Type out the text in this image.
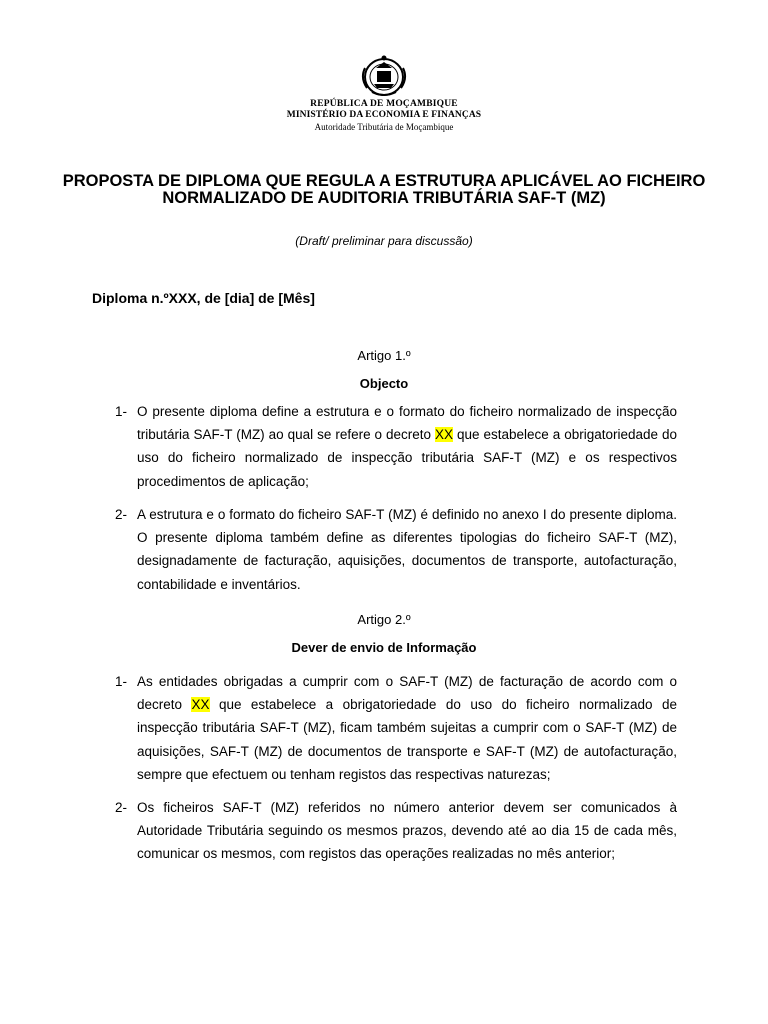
REPÚBLICA DE MOÇAMBIQUE
MINISTÉRIO DA ECONOMIA E FINANÇAS
Autoridade Tributária de Moçambique
PROPOSTA DE DIPLOMA QUE REGULA A ESTRUTURA APLICÁVEL AO FICHEIRO NORMALIZADO DE AUDITORIA TRIBUTÁRIA SAF-T (MZ)
(Draft/ preliminar para discussão)
Diploma n.ºXXX, de [dia] de [Mês]
Artigo 1.º
Objecto
1- O presente diploma define a estrutura e o formato do ficheiro normalizado de inspecção tributária SAF-T (MZ) ao qual se refere o decreto XX que estabelece a obrigatoriedade do uso do ficheiro normalizado de inspecção tributária SAF-T (MZ) e os respectivos procedimentos de aplicação;
2- A estrutura e o formato do ficheiro SAF-T (MZ) é definido no anexo I do presente diploma. O presente diploma também define as diferentes tipologias do ficheiro SAF-T (MZ), designadamente de facturação, aquisições, documentos de transporte, autofacturação, contabilidade e inventários.
Artigo 2.º
Dever de envio de Informação
1- As entidades obrigadas a cumprir com o SAF-T (MZ) de facturação de acordo com o decreto XX que estabelece a obrigatoriedade do uso do ficheiro normalizado de inspecção tributária SAF-T (MZ), ficam também sujeitas a cumprir com o SAF-T (MZ) de aquisições, SAF-T (MZ) de documentos de transporte e SAF-T (MZ) de autofacturação, sempre que efectuem ou tenham registos das respectivas naturezas;
2- Os ficheiros SAF-T (MZ) referidos no número anterior devem ser comunicados à Autoridade Tributária seguindo os mesmos prazos, devendo até ao dia 15 de cada mês, comunicar os mesmos, com registos das operações realizadas no mês anterior;
